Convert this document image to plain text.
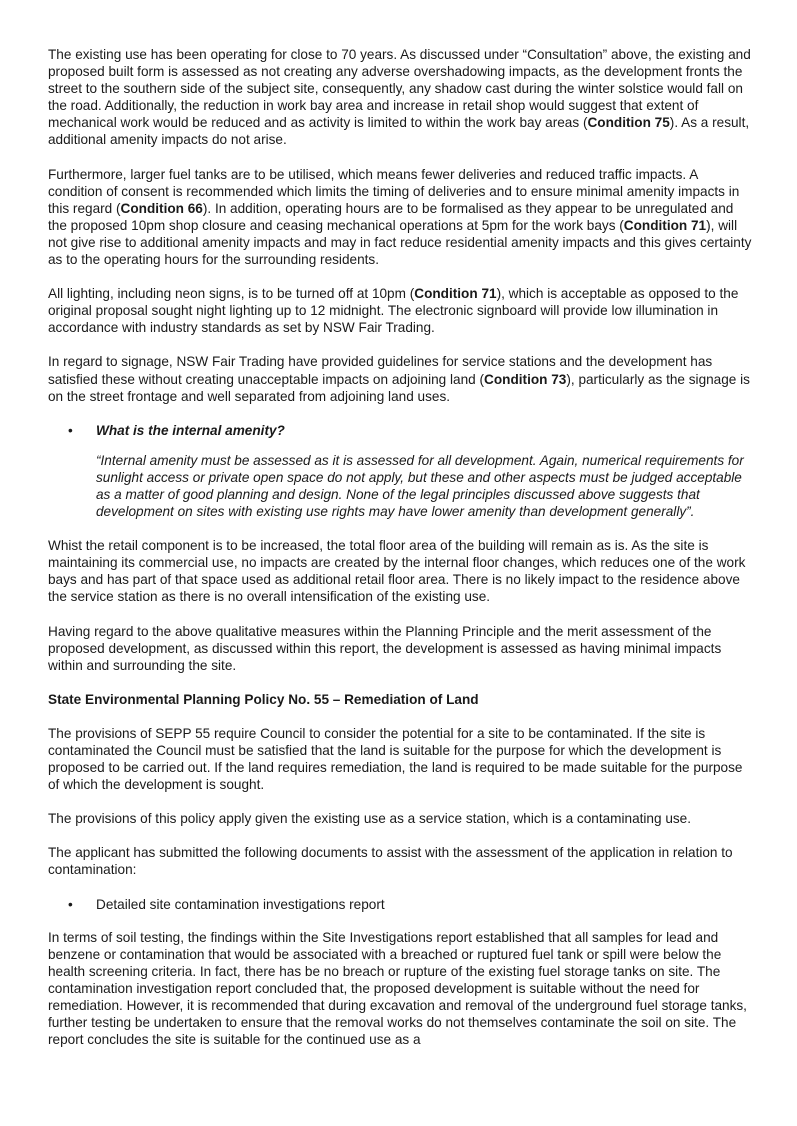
The existing use has been operating for close to 70 years. As discussed under “Consultation” above, the existing and proposed built form is assessed as not creating any adverse overshadowing impacts, as the development fronts the street to the southern side of the subject site, consequently, any shadow cast during the winter solstice would fall on the road. Additionally, the reduction in work bay area and increase in retail shop would suggest that extent of mechanical work would be reduced and as activity is limited to within the work bay areas (Condition 75). As a result, additional amenity impacts do not arise.

Furthermore, larger fuel tanks are to be utilised, which means fewer deliveries and reduced traffic impacts. A condition of consent is recommended which limits the timing of deliveries and to ensure minimal amenity impacts in this regard (Condition 66). In addition, operating hours are to be formalised as they appear to be unregulated and the proposed 10pm shop closure and ceasing mechanical operations at 5pm for the work bays (Condition 71), will not give rise to additional amenity impacts and may in fact reduce residential amenity impacts and this gives certainty as to the operating hours for the surrounding residents.

All lighting, including neon signs, is to be turned off at 10pm (Condition 71), which is acceptable as opposed to the original proposal sought night lighting up to 12 midnight. The electronic signboard will provide low illumination in accordance with industry standards as set by NSW Fair Trading.

In regard to signage, NSW Fair Trading have provided guidelines for service stations and the development has satisfied these without creating unacceptable impacts on adjoining land (Condition 73), particularly as the signage is on the street frontage and well separated from adjoining land uses.

•	What is the internal amenity?
“Internal amenity must be assessed as it is assessed for all development. Again, numerical requirements for sunlight access or private open space do not apply, but these and other aspects must be judged acceptable as a matter of good planning and design. None of the legal principles discussed above suggests that development on sites with existing use rights may have lower amenity than development generally”.

Whist the retail component is to be increased, the total floor area of the building will remain as is. As the site is maintaining its commercial use, no impacts are created by the internal floor changes, which reduces one of the work bays and has part of that space used as additional retail floor area. There is no likely impact to the residence above the service station as there is no overall intensification of the existing use.

Having regard to the above qualitative measures within the Planning Principle and the merit assessment of the proposed development, as discussed within this report, the development is assessed as having minimal impacts within and surrounding the site.

State Environmental Planning Policy No. 55 – Remediation of Land

The provisions of SEPP 55 require Council to consider the potential for a site to be contaminated. If the site is contaminated the Council must be satisfied that the land is suitable for the purpose for which the development is proposed to be carried out. If the land requires remediation, the land is required to be made suitable for the purpose of which the development is sought.

The provisions of this policy apply given the existing use as a service station, which is a contaminating use.

The applicant has submitted the following documents to assist with the assessment of the application in relation to contamination:

•	Detailed site contamination investigations report

In terms of soil testing, the findings within the Site Investigations report established that all samples for lead and benzene or contamination that would be associated with a breached or ruptured fuel tank or spill were below the health screening criteria. In fact, there has be no breach or rupture of the existing fuel storage tanks on site. The contamination investigation report concluded that, the proposed development is suitable without the need for remediation. However, it is recommended that during excavation and removal of the underground fuel storage tanks, further testing be undertaken to ensure that the removal works do not themselves contaminate the soil on site. The report concludes the site is suitable for the continued use as a
